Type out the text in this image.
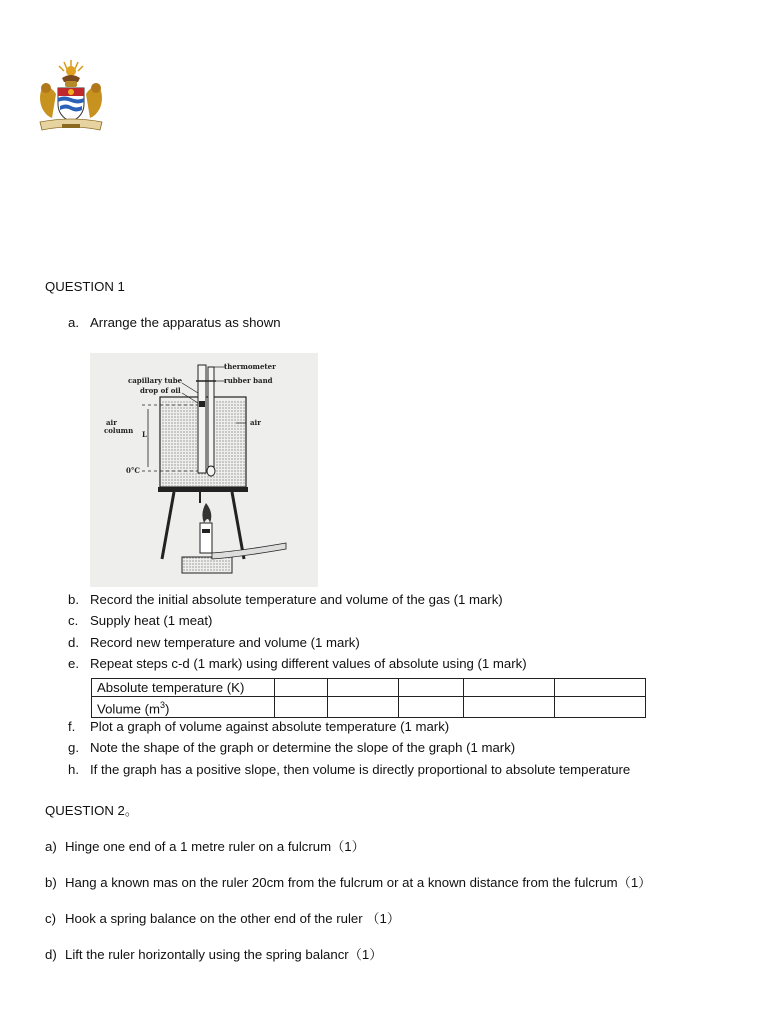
QUESTION 1
a. Arrange the apparatus as shown
thermometer
rubber band
capillary tube
drop of oil
air
air
column L
0°C
b. Record the initial absolute temperature and volume of the gas (1 mark)
c. Supply heat (1 meat)
d. Record new temperature and volume (1 mark)
e. Repeat steps c-d (1 mark) using different values of absolute using (1 mark)
Absolute temperature (K)					
Volume $(m^3)$					
f.	Plot a graph of volume against absolute temperature (1 mark)
g. Note the shape of the graph or determine the slope of the graph (1 mark)
h. If the graph has a positive slope, then volume is directly proportional to absolute temperature
QUESTION 2。
a) Hinge one end of a 1 metre ruler on a fulcrum（1）
b) Hang a known mas on the ruler 20cm from the fulcrum or at a known distance from the fulcrum（1）
c) Hook a spring balance on the other end of the ruler （1）
d) Lift the ruler horizontally using the spring balancr（1）
